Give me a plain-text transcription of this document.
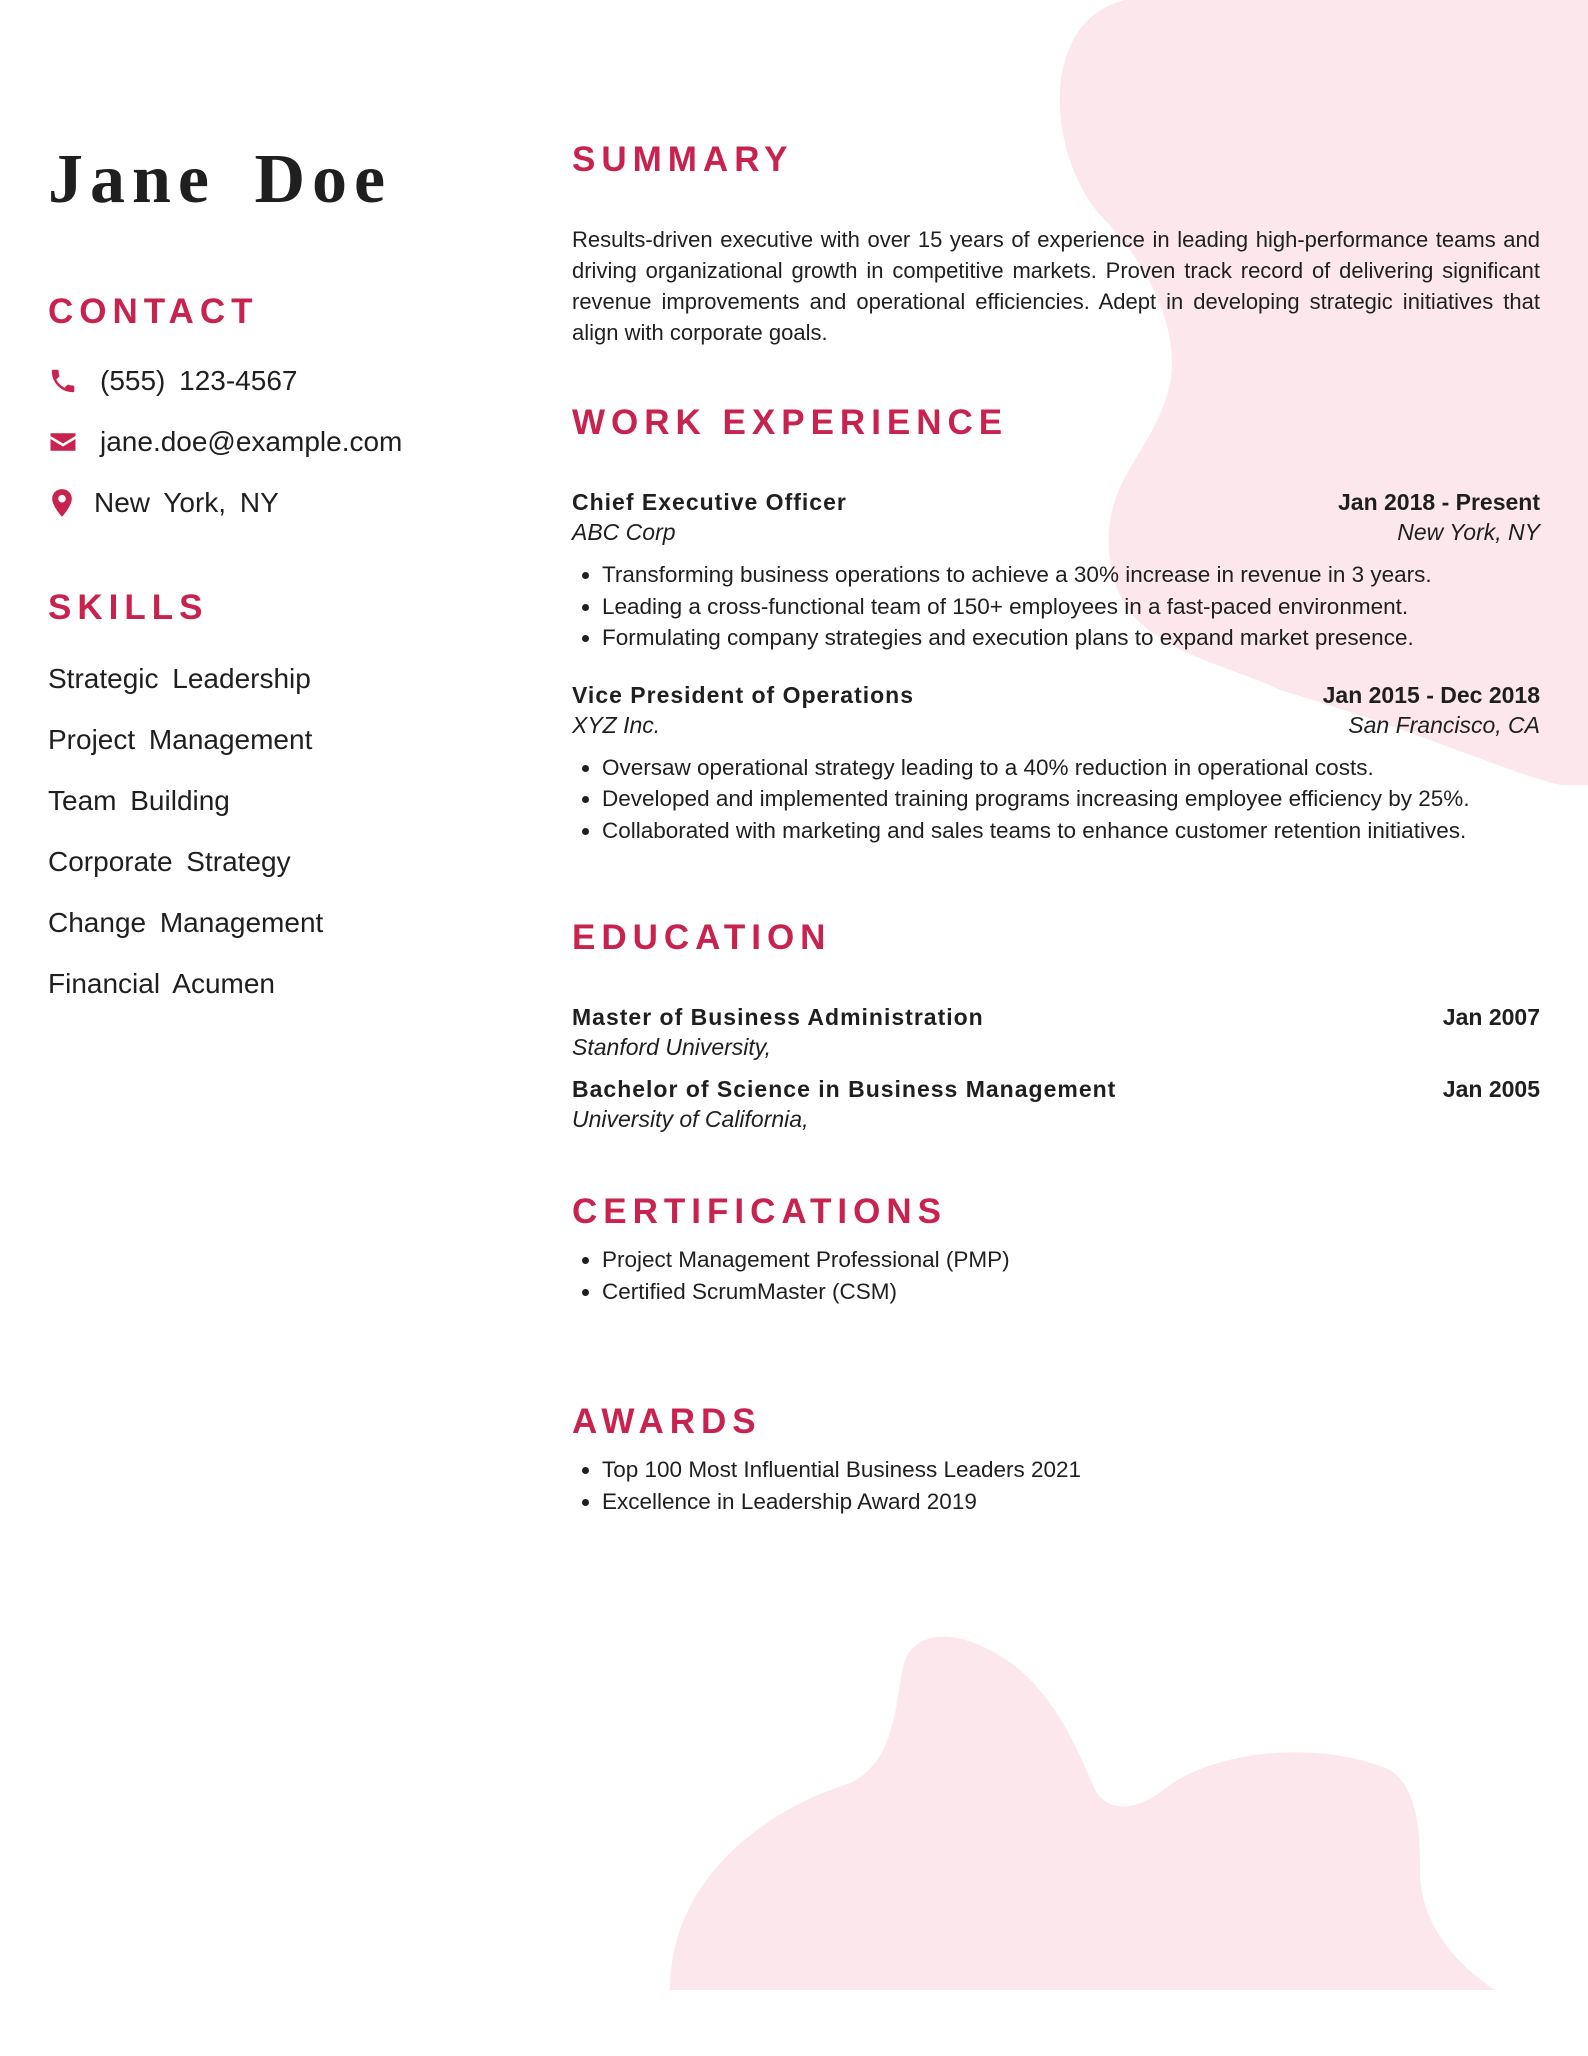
Jane Doe
CONTACT
(555) 123-4567
jane.doe@example.com
New York, NY
SKILLS
Strategic Leadership
Project Management
Team Building
Corporate Strategy
Change Management
Financial Acumen
SUMMARY

Results-driven executive with over 15 years of experience in leading high-performance teams and driving organizational growth in competitive markets. Proven track record of delivering significant revenue improvements and operational efficiencies. Adept in developing strategic initiatives that align with corporate goals.

WORK EXPERIENCE
Chief Executive Officer	Jan 2018 - Present
ABC Corp	New York, NY
• Transforming business operations to achieve a 30% increase in revenue in 3 years.
• Leading a cross-functional team of 150+ employees in a fast-paced environment.
• Formulating company strategies and execution plans to expand market presence.
Vice President of Operations	Jan 2015 - Dec 2018
XYZ Inc.	San Francisco, CA
• Oversaw operational strategy leading to a 40% reduction in operational costs.
• Developed and implemented training programs increasing employee efficiency by 25%.
• Collaborated with marketing and sales teams to enhance customer retention initiatives.
EDUCATION
Master of Business Administration	Jan 2007
Stanford University,
Bachelor of Science in Business Management	Jan 2005
University of California,
CERTIFICATIONS
• Project Management Professional (PMP)
• Certified ScrumMaster (CSM)
AWARDS
• Top 100 Most Influential Business Leaders 2021
• Excellence in Leadership Award 2019
